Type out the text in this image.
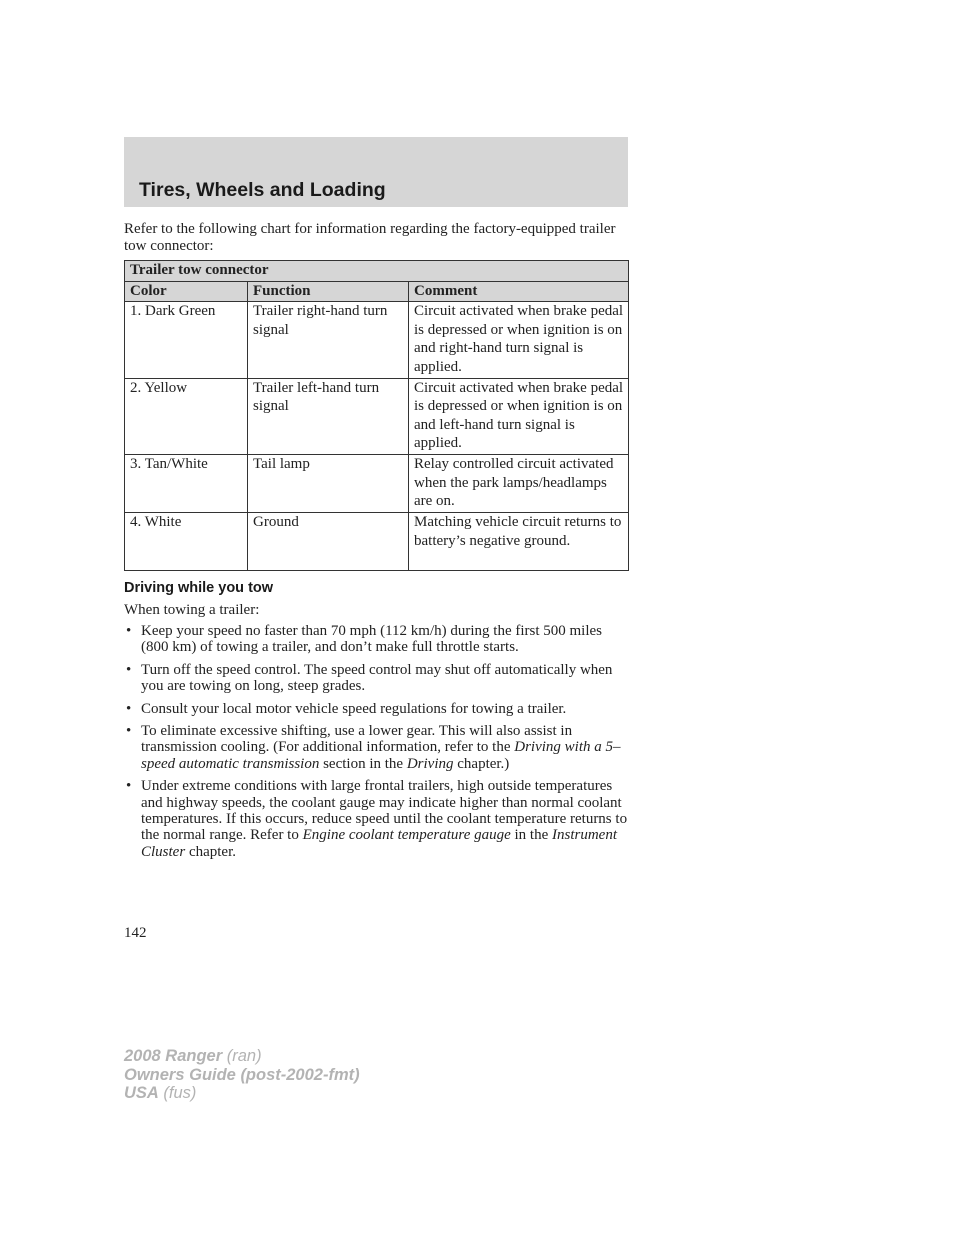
Tires, Wheels and Loading

Refer to the following chart for information regarding the factory-equipped trailer tow connector:

Trailer tow connector		
Color	Function	Comment
1. Dark Green	Trailer right-hand turn signal	Circuit activated when brake pedal is depressed or when ignition is on and right-hand turn signal is applied.
2. Yellow	Trailer left-hand turn signal	Circuit activated when brake pedal is depressed or when ignition is on and left-hand turn signal is applied.
3. Tan/White	Tail lamp	Relay controlled circuit activated when the park lamps/headlamps are on.
4. White	Ground	Matching vehicle circuit returns to battery’s negative ground.
Driving while you tow

When towing a trailer:

• Keep your speed no faster than 70 mph (112 km/h) during the first 500 miles (800 km) of towing a trailer, and don’t make full throttle starts.
• Turn off the speed control. The speed control may shut off automatically when you are towing on long, steep grades.
• Consult your local motor vehicle speed regulations for towing a trailer.
• To eliminate excessive shifting, use a lower gear. This will also assist in transmission cooling. (For additional information, refer to the Driving with a 5–speed automatic transmission section in the Driving chapter.)
• Under extreme conditions with large frontal trailers, high outside temperatures and highway speeds, the coolant gauge may indicate higher than normal coolant temperatures. If this occurs, reduce speed until the coolant temperature returns to the normal range. Refer to Engine coolant temperature gauge in the Instrument Cluster chapter.

142

2008 Ranger (ran)
Owners Guide (post-2002-fmt)
USA (fus)
